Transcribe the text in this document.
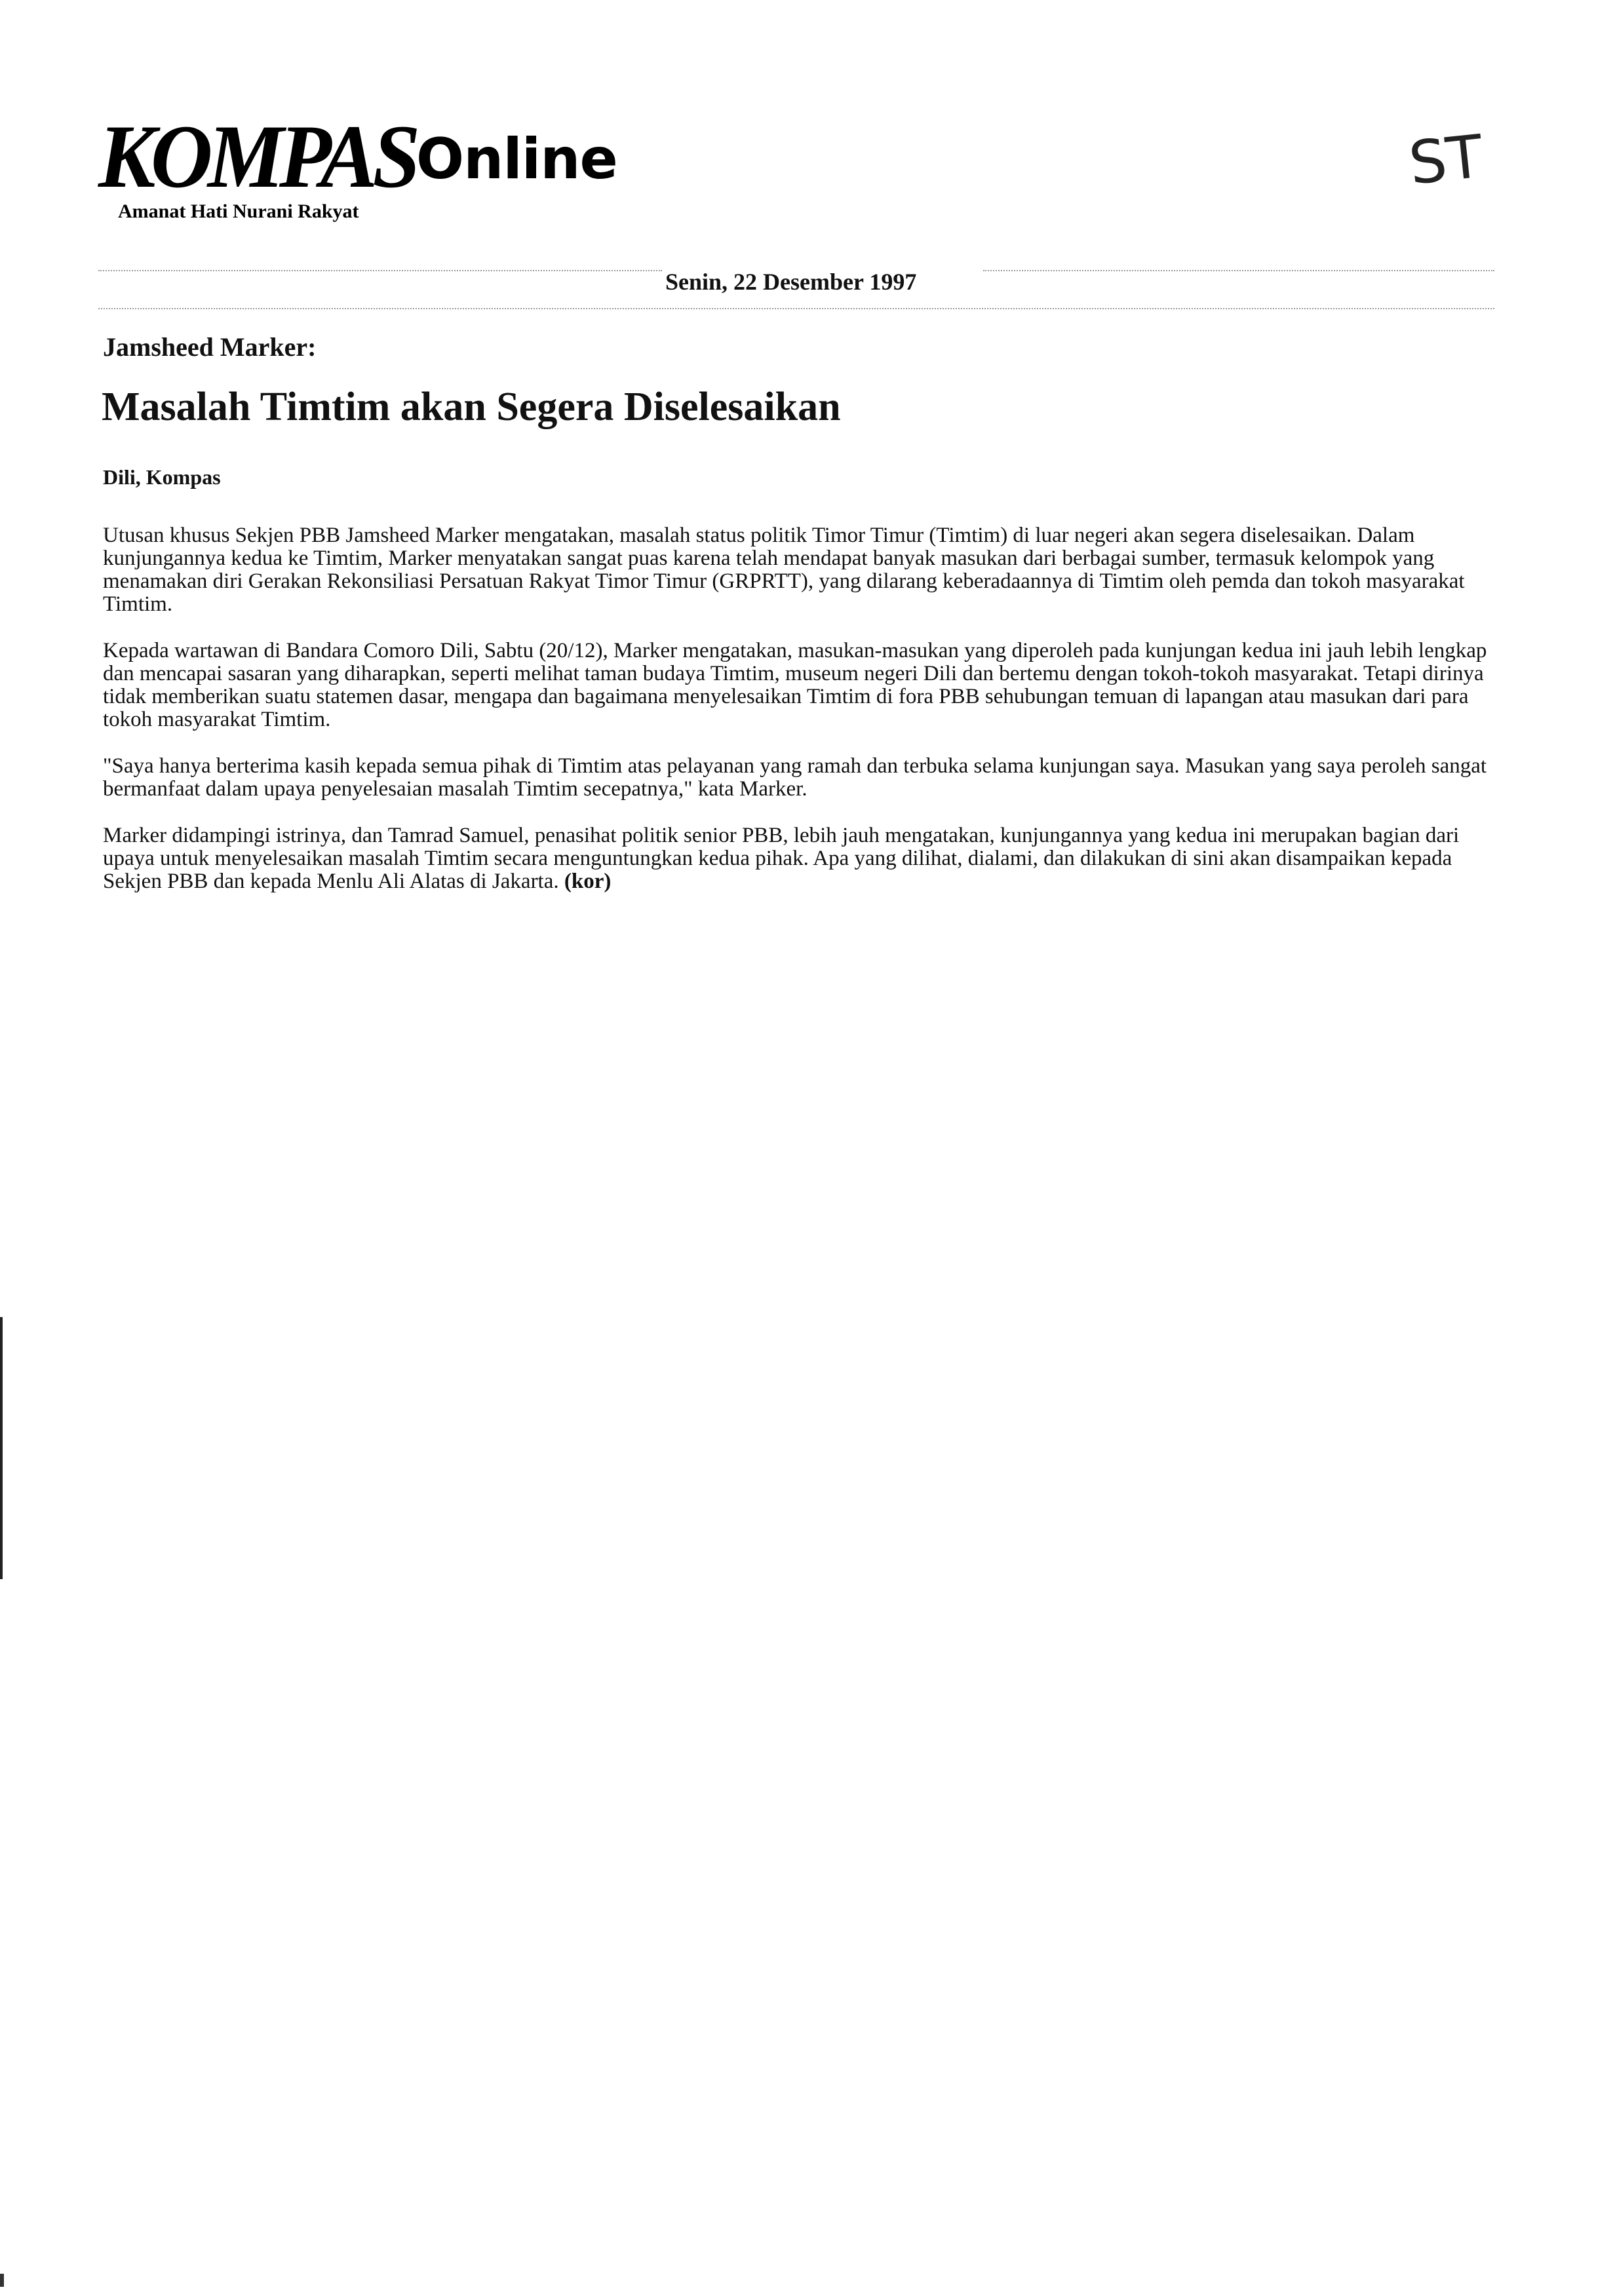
KOMPAS Online
Amanat Hati Nurani Rakyat
ST
Senin, 22 Desember 1997
Jamsheed Marker:
Masalah Timtim akan Segera Diselesaikan
Dili, Kompas

Utusan khusus Sekjen PBB Jamsheed Marker mengatakan, masalah status politik Timor Timur (Timtim) di luar negeri akan segera diselesaikan. Dalam kunjungannya kedua ke Timtim, Marker menyatakan sangat puas karena telah mendapat banyak masukan dari berbagai sumber, termasuk kelompok yang menamakan diri Gerakan Rekonsiliasi Persatuan Rakyat Timor Timur (GRPRTT), yang dilarang keberadaannya di Timtim oleh pemda dan tokoh masyarakat Timtim.

Kepada wartawan di Bandara Comoro Dili, Sabtu (20/12), Marker mengatakan, masukan-masukan yang diperoleh pada kunjungan kedua ini jauh lebih lengkap dan mencapai sasaran yang diharapkan, seperti melihat taman budaya Timtim, museum negeri Dili dan bertemu dengan tokoh-tokoh masyarakat. Tetapi dirinya tidak memberikan suatu statemen dasar, mengapa dan bagaimana menyelesaikan Timtim di fora PBB sehubungan temuan di lapangan atau masukan dari para tokoh masyarakat Timtim.

"Saya hanya berterima kasih kepada semua pihak di Timtim atas pelayanan yang ramah dan terbuka selama kunjungan saya. Masukan yang saya peroleh sangat bermanfaat dalam upaya penyelesaian masalah Timtim secepatnya," kata Marker.

Marker didampingi istrinya, dan Tamrad Samuel, penasihat politik senior PBB, lebih jauh mengatakan, kunjungannya yang kedua ini merupakan bagian dari upaya untuk menyelesaikan masalah Timtim secara menguntungkan kedua pihak. Apa yang dilihat, dialami, dan dilakukan di sini akan disampaikan kepada Sekjen PBB dan kepada Menlu Ali Alatas di Jakarta. (kor)
